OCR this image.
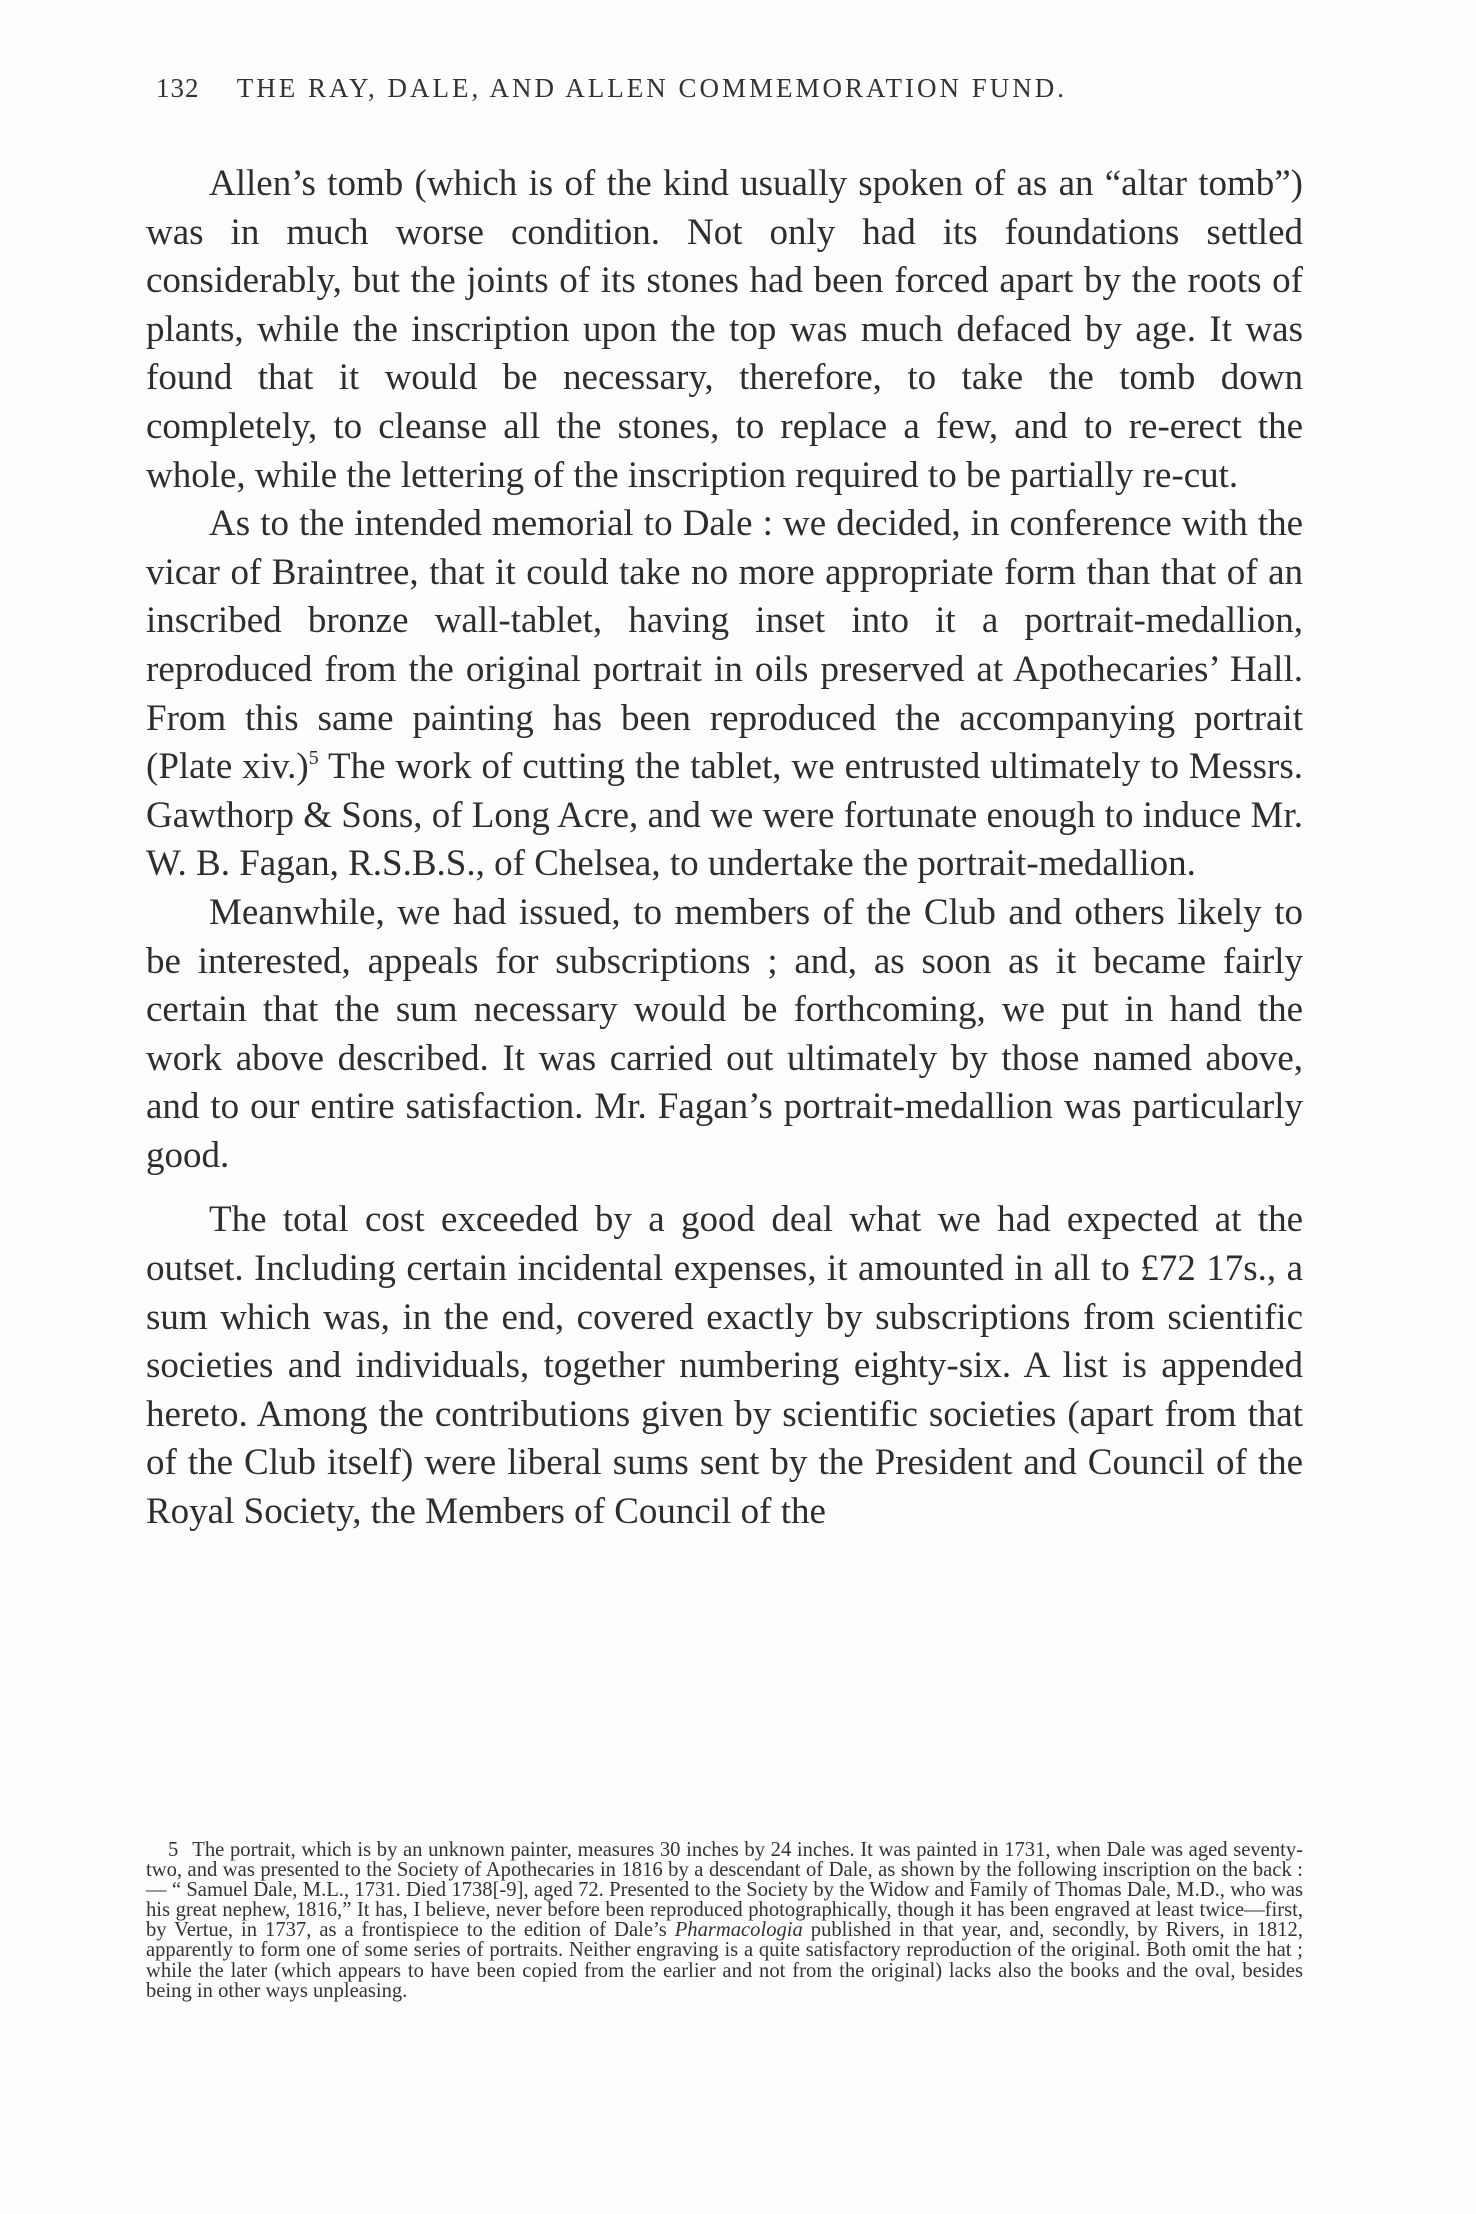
132 THE RAY, DALE, AND ALLEN COMMEMORATION FUND.

Allen’s tomb (which is of the kind usually spoken of as an “altar tomb”) was in much worse condition. Not only had its foundations settled considerably, but the joints of its stones had been forced apart by the roots of plants, while the inscription upon the top was much defaced by age. It was found that it would be necessary, therefore, to take the tomb down completely, to cleanse all the stones, to replace a few, and to re-erect the whole, while the lettering of the inscription required to be partially re-cut.

As to the intended memorial to Dale : we decided, in conference with the vicar of Braintree, that it could take no more appropriate form than that of an inscribed bronze wall-tablet, having inset into it a portrait-medallion, reproduced from the original portrait in oils preserved at Apothecaries’ Hall. From this same painting has been reproduced the accompanying portrait (Plate xiv.)$^5$ The work of cutting the tablet, we entrusted ultimately to Messrs. Gawthorp & Sons, of Long Acre, and we were fortunate enough to induce Mr. W. B. Fagan, R.S.B.S., of Chelsea, to undertake the portrait-medallion.

Meanwhile, we had issued, to members of the Club and others likely to be interested, appeals for subscriptions ; and, as soon as it became fairly certain that the sum necessary would be forthcoming, we put in hand the work above described. It was carried out ultimately by those named above, and to our entire satisfaction. Mr. Fagan’s portrait-medallion was particularly good.

The total cost exceeded by a good deal what we had expected at the outset. Including certain incidental expenses, it amounted in all to £72 17s., a sum which was, in the end, covered exactly by subscriptions from scientific societies and individuals, together numbering eighty-six. A list is appended hereto. Among the contributions given by scientific societies (apart from that of the Club itself) were liberal sums sent by the President and Council of the Royal Society, the Members of Council of the

5 The portrait, which is by an unknown painter, measures 30 inches by 24 inches. It was painted in 1731, when Dale was aged seventy-two, and was presented to the Society of Apothecaries in 1816 by a descendant of Dale, as shown by the following inscription on the back :— “ Samuel Dale, M.L., 1731. Died 1738[-9], aged 72. Presented to the Society by the Widow and Family of Thomas Dale, M.D., who was his great nephew, 1816,” It has, I believe, never before been reproduced photographically, though it has been engraved at least twice—first, by Vertue, in 1737, as a frontispiece to the edition of Dale’s Pharmacologia published in that year, and, secondly, by Rivers, in 1812, apparently to form one of some series of portraits. Neither engraving is a quite satisfactory reproduction of the original. Both omit the hat ; while the later (which appears to have been copied from the earlier and not from the original) lacks also the books and the oval, besides being in other ways unpleasing.
